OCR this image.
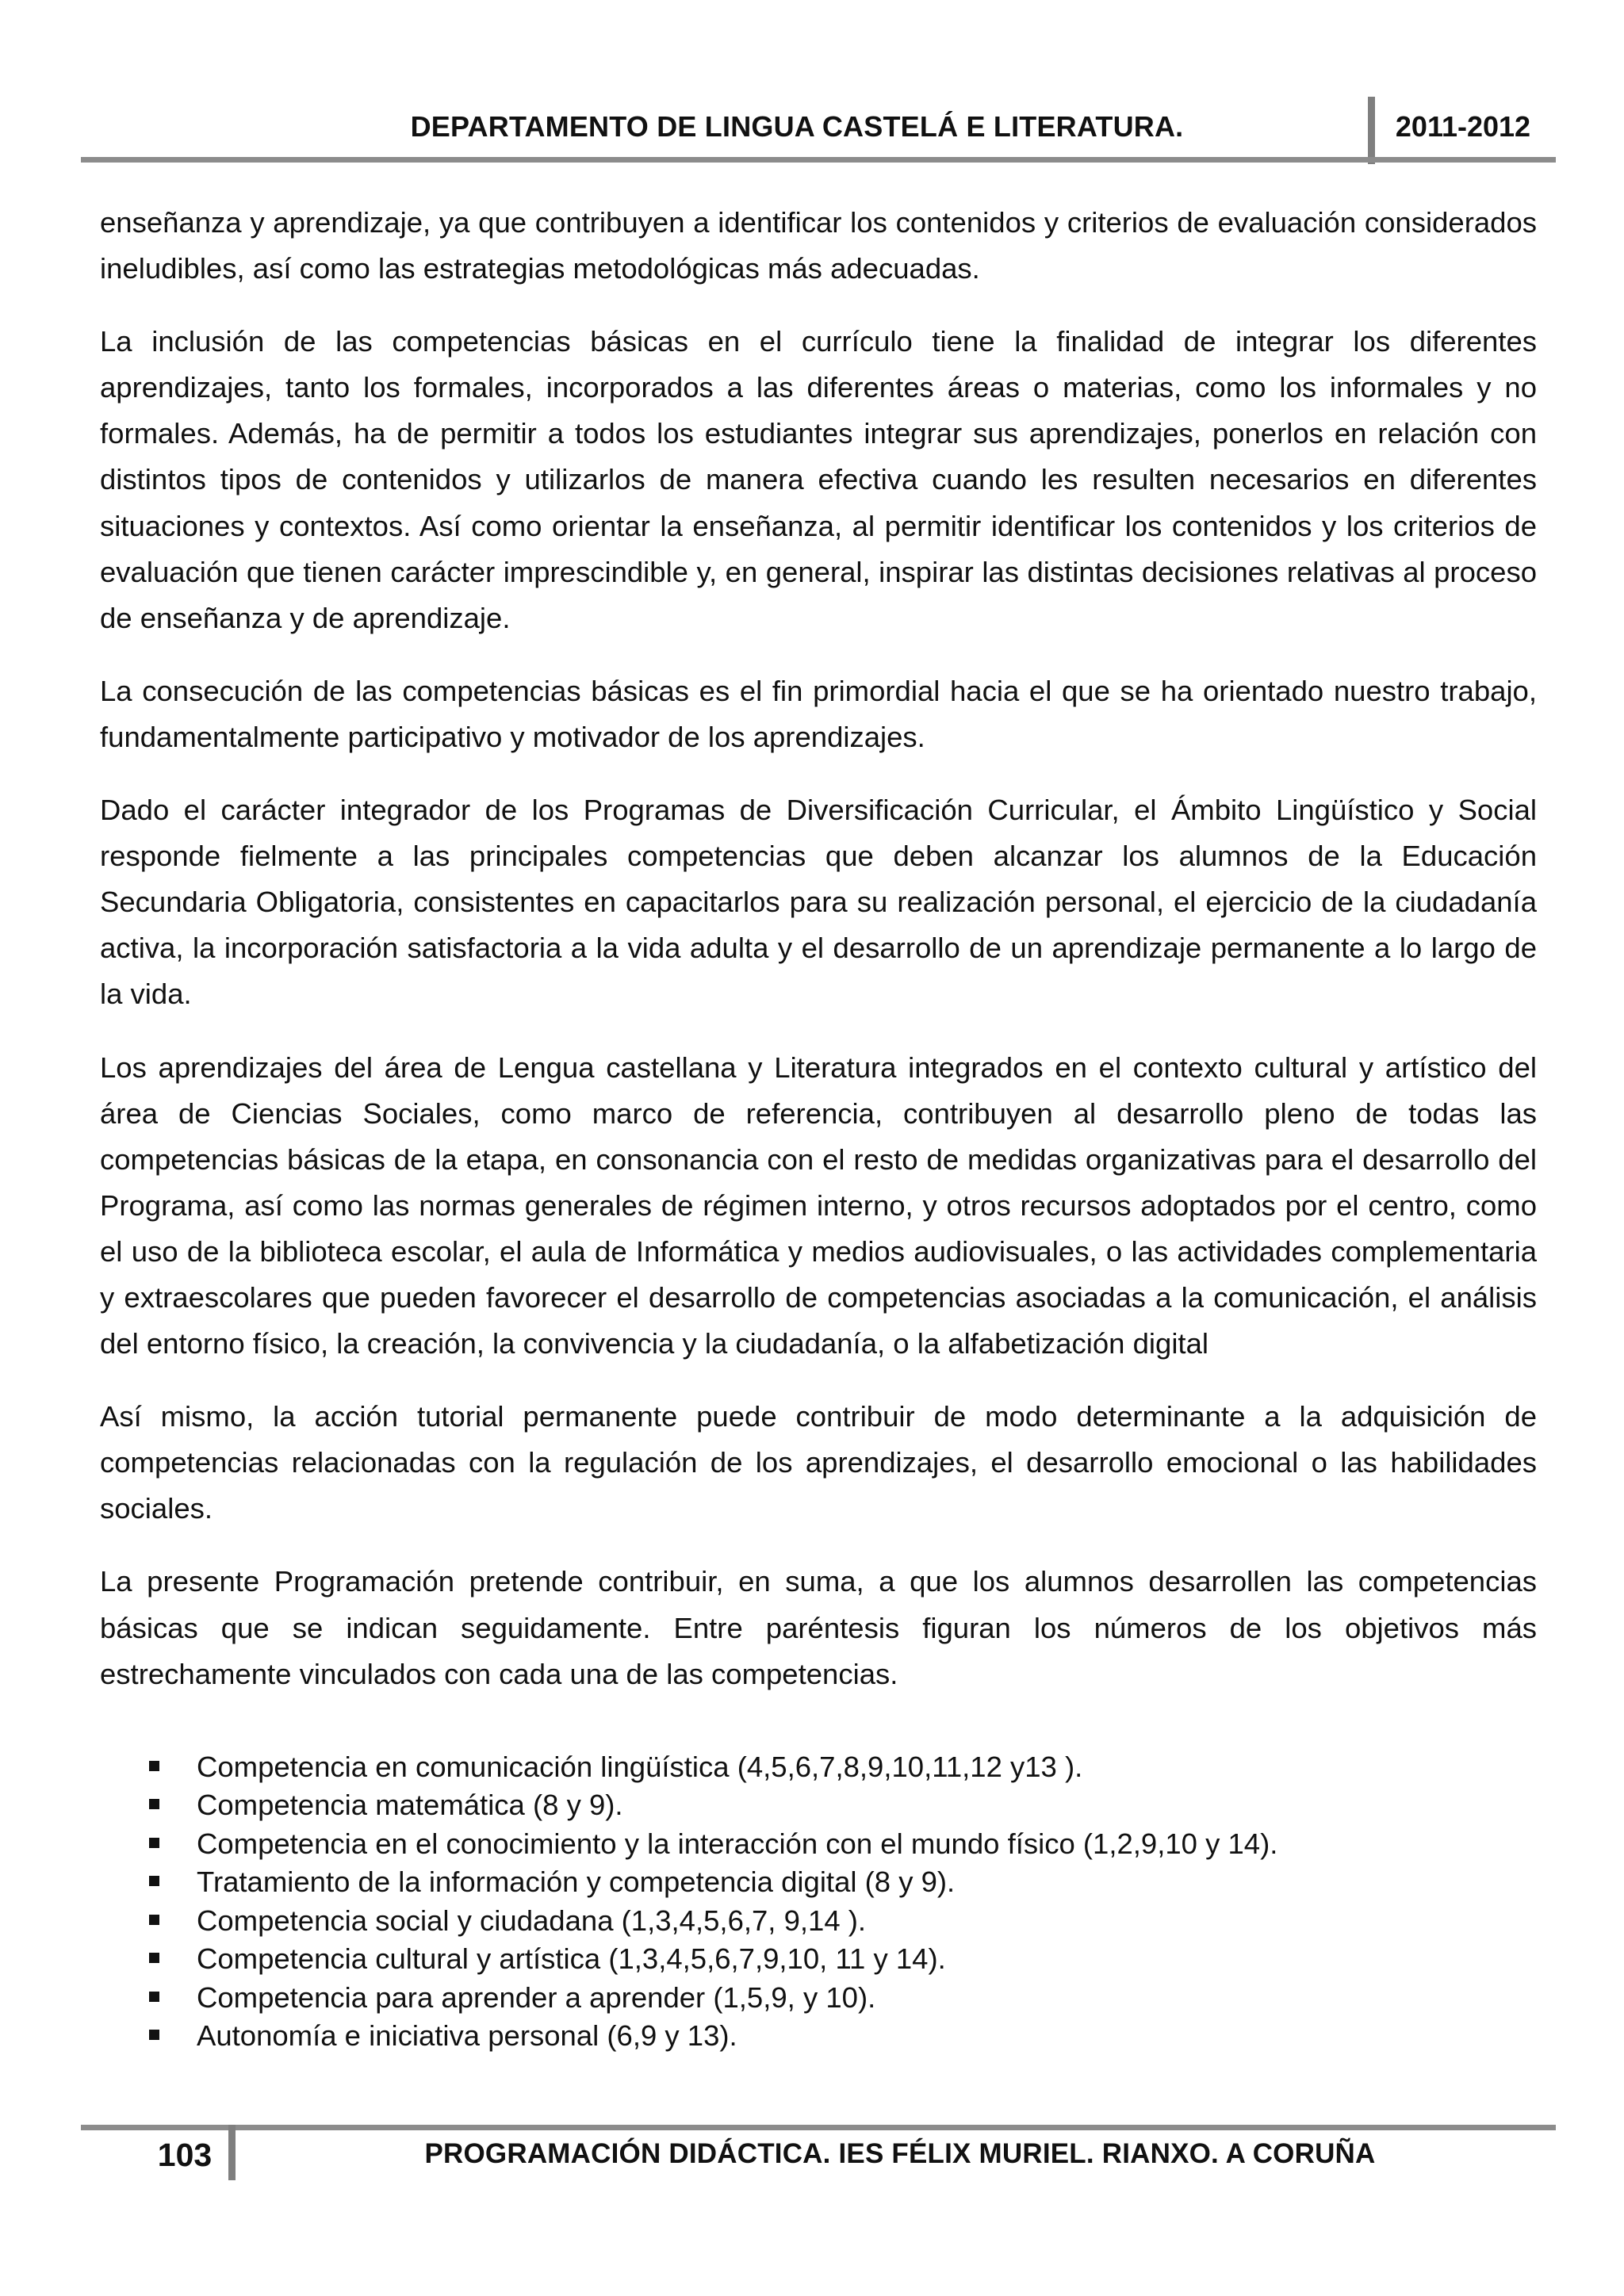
DEPARTAMENTO DE LINGUA CASTELÁ E LITERATURA.	2011-2012

enseñanza y aprendizaje, ya que contribuyen a identificar los contenidos y criterios de evaluación considerados ineludibles, así como las estrategias metodológicas más adecuadas.

La inclusión de las competencias básicas en el currículo tiene la finalidad de integrar los diferentes aprendizajes, tanto los formales, incorporados a las diferentes áreas o materias, como los informales y no formales. Además, ha de permitir a todos los estudiantes integrar sus aprendizajes, ponerlos en relación con distintos tipos de contenidos y utilizarlos de manera efectiva cuando les resulten necesarios en diferentes situaciones y contextos. Así como orientar la enseñanza, al permitir identificar los contenidos y los criterios de evaluación que tienen carácter imprescindible y, en general, inspirar las distintas decisiones relativas al proceso de enseñanza y de aprendizaje.

La consecución de las competencias básicas es el fin primordial hacia el que se ha orientado nuestro trabajo, fundamentalmente participativo y motivador de los aprendizajes.

Dado el carácter integrador de los Programas de Diversificación Curricular, el Ámbito Lingüístico y Social responde fielmente a las principales competencias que deben alcanzar los alumnos de la Educación Secundaria Obligatoria, consistentes en capacitarlos para su realización personal, el ejercicio de la ciudadanía activa, la incorporación satisfactoria a la vida adulta y el desarrollo de un aprendizaje permanente a lo largo de la vida.

Los aprendizajes del área de Lengua castellana y Literatura integrados en el contexto cultural y artístico del área de Ciencias Sociales, como marco de referencia, contribuyen al desarrollo pleno de todas las competencias básicas de la etapa, en consonancia con el resto de medidas organizativas para el desarrollo del Programa, así como las normas generales de régimen interno, y otros recursos adoptados por el centro, como el uso de la biblioteca escolar, el aula de Informática y medios audiovisuales, o las actividades complementaria y extraescolares que pueden favorecer el desarrollo de competencias asociadas a la comunicación, el análisis del entorno físico, la creación, la convivencia y la ciudadanía, o la alfabetización digital

Así mismo, la acción tutorial permanente puede contribuir de modo determinante a la adquisición de competencias relacionadas con la regulación de los aprendizajes, el desarrollo emocional o las habilidades sociales.

La presente Programación pretende contribuir, en suma, a que los alumnos desarrollen las competencias básicas que se indican seguidamente. Entre paréntesis figuran los números de los objetivos más estrechamente vinculados con cada una de las competencias.

Competencia en comunicación lingüística (4,5,6,7,8,9,10,11,12 y13 ).
Competencia matemática (8 y 9).
Competencia en el conocimiento y la interacción con el mundo físico (1,2,9,10 y 14).
Tratamiento de la información y competencia digital (8 y 9).
Competencia social y ciudadana (1,3,4,5,6,7, 9,14 ).
Competencia cultural y artística (1,3,4,5,6,7,9,10, 11 y 14).
Competencia para aprender a aprender (1,5,9, y 10).
Autonomía e iniciativa personal (6,9 y 13).
103	PROGRAMACIÓN DIDÁCTICA. IES FÉLIX MURIEL. RIANXO. A CORUÑA
